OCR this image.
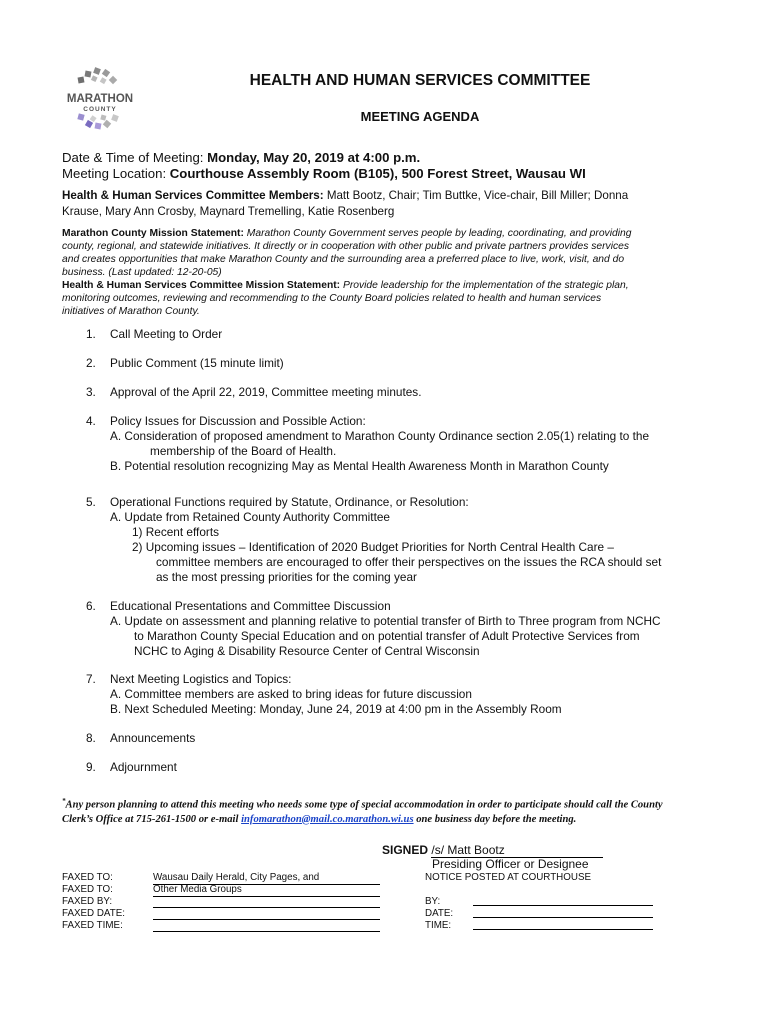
MARATHON
COUNTY
HEALTH AND HUMAN SERVICES COMMITTEE
MEETING AGENDA
Date & Time of Meeting: Monday, May 20, 2019 at 4:00 p.m.
Meeting Location: Courthouse Assembly Room (B105), 500 Forest Street, Wausau WI
Health & Human Services Committee Members: Matt Bootz, Chair; Tim Buttke, Vice-chair, Bill Miller; Donna
Krause, Mary Ann Crosby, Maynard Tremelling, Katie Rosenberg
Marathon County Mission Statement: Marathon County Government serves people by leading, coordinating, and providing
county, regional, and statewide initiatives. It directly or in cooperation with other public and private partners provides services
and creates opportunities that make Marathon County and the surrounding area a preferred place to live, work, visit, and do
business. (Last updated: 12-20-05)
Health & Human Services Committee Mission Statement: Provide leadership for the implementation of the strategic plan,
monitoring outcomes, reviewing and recommending to the County Board policies related to health and human services
initiatives of Marathon County.
1. Call Meeting to Order
2. Public Comment (15 minute limit)
3. Approval of the April 22, 2019, Committee meeting minutes.
4. Policy Issues for Discussion and Possible Action:
A. Consideration of proposed amendment to Marathon County Ordinance section 2.05(1) relating to the
membership of the Board of Health.
B. Potential resolution recognizing May as Mental Health Awareness Month in Marathon County
5. Operational Functions required by Statute, Ordinance, or Resolution:
A. Update from Retained County Authority Committee
1) Recent efforts
2) Upcoming issues – Identification of 2020 Budget Priorities for North Central Health Care –
committee members are encouraged to offer their perspectives on the issues the RCA should set
as the most pressing priorities for the coming year
6. Educational Presentations and Committee Discussion
A. Update on assessment and planning relative to potential transfer of Birth to Three program from NCHC
to Marathon County Special Education and on potential transfer of Adult Protective Services from
NCHC to Aging & Disability Resource Center of Central Wisconsin
7. Next Meeting Logistics and Topics:
A. Committee members are asked to bring ideas for future discussion
B. Next Scheduled Meeting: Monday, June 24, 2019 at 4:00 pm in the Assembly Room
8. Announcements
9. Adjournment
*Any person planning to attend this meeting who needs some type of special accommodation in order to participate should call the County
Clerk’s Office at 715-261-1500 or e-mail infomarathon@mail.co.marathon.wi.us one business day before the meeting.
SIGNED /s/ Matt Bootz
Presiding Officer or Designee
FAXED TO:	Wausau Daily Herald, City Pages, and
FAXED TO:	Other Media Groups
FAXED BY:
FAXED DATE:
FAXED TIME:
NOTICE POSTED AT COURTHOUSE
BY:
DATE:
TIME:
